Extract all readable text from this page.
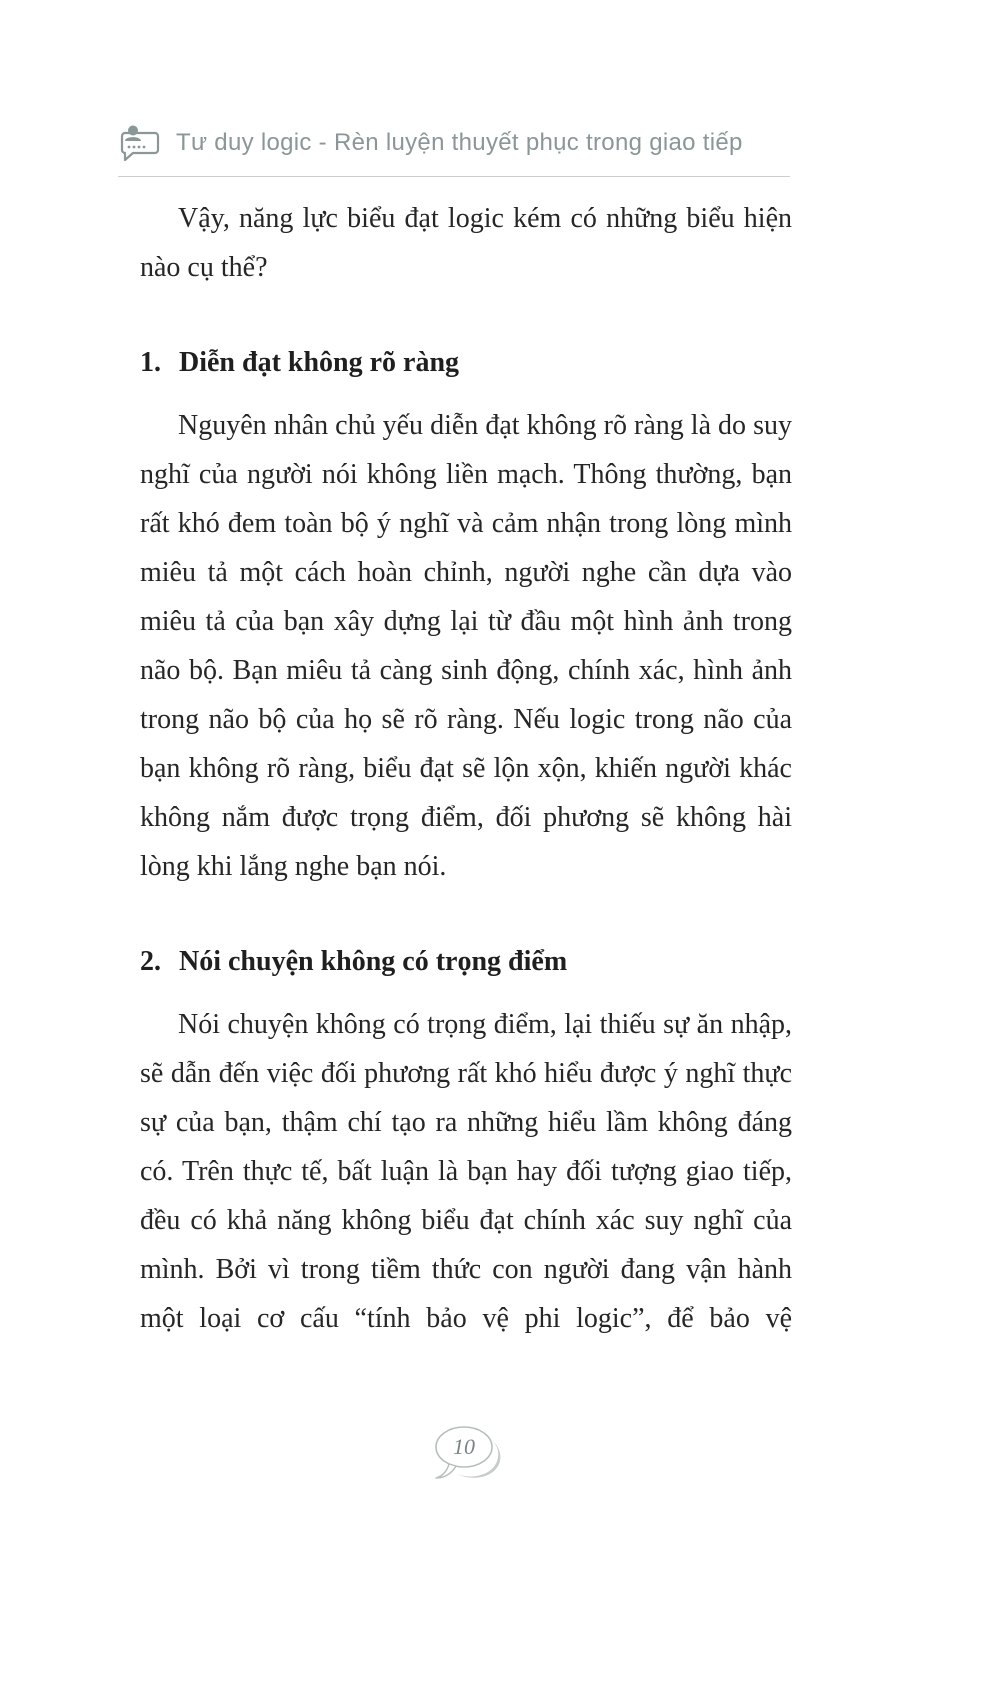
Tư duy logic - Rèn luyện thuyết phục trong giao tiếp

Vậy, năng lực biểu đạt logic kém có những biểu hiện nào cụ thể?

1. Diễn đạt không rõ ràng

Nguyên nhân chủ yếu diễn đạt không rõ ràng là do suy nghĩ của người nói không liền mạch. Thông thường, bạn rất khó đem toàn bộ ý nghĩ và cảm nhận trong lòng mình miêu tả một cách hoàn chỉnh, người nghe cần dựa vào miêu tả của bạn xây dựng lại từ đầu một hình ảnh trong não bộ. Bạn miêu tả càng sinh động, chính xác, hình ảnh trong não bộ của họ sẽ rõ ràng. Nếu logic trong não của bạn không rõ ràng, biểu đạt sẽ lộn xộn, khiến người khác không nắm được trọng điểm, đối phương sẽ không hài lòng khi lắng nghe bạn nói.

2. Nói chuyện không có trọng điểm

Nói chuyện không có trọng điểm, lại thiếu sự ăn nhập, sẽ dẫn đến việc đối phương rất khó hiểu được ý nghĩ thực sự của bạn, thậm chí tạo ra những hiểu lầm không đáng có. Trên thực tế, bất luận là bạn hay đối tượng giao tiếp, đều có khả năng không biểu đạt chính xác suy nghĩ của mình. Bởi vì trong tiềm thức con người đang vận hành một loại cơ cấu “tính bảo vệ phi logic”, để bảo vệ

10
